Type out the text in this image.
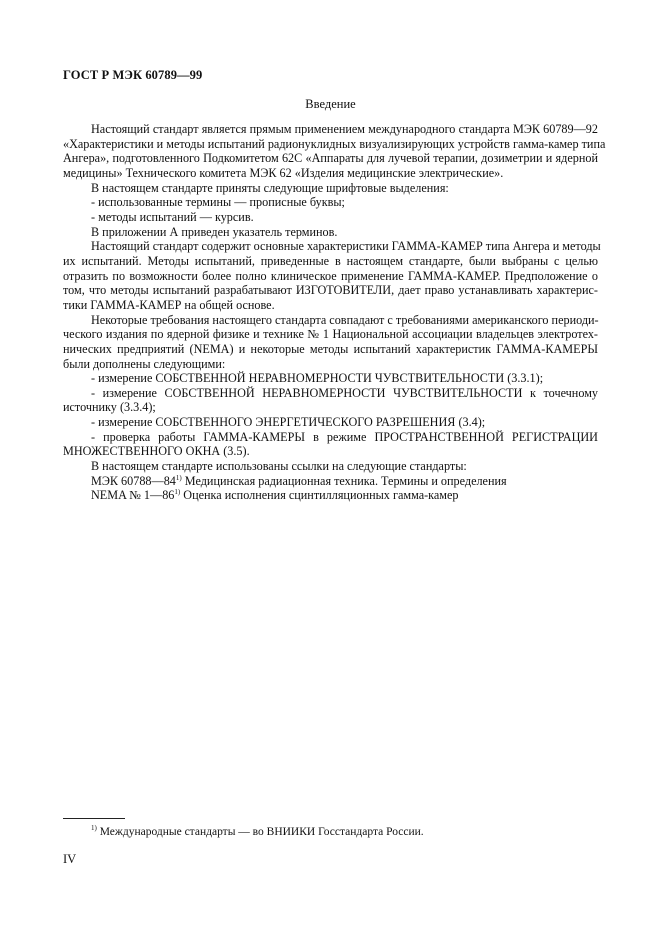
ГОСТ Р МЭК 60789—99
Введение

Настоящий стандарт является прямым применением международного стандарта МЭК 60789—92
«Характеристики и методы испытаний радионуклидных визуализирующих устройств гамма-камер типа
Ангера», подготовленного Подкомитетом 62С «Аппараты для лучевой терапии, дозиметрии и ядерной
медицины» Технического комитета МЭК 62 «Изделия медицинские электрические».

В настоящем стандарте приняты следующие шрифтовые выделения:

- использованные термины — прописные буквы;

- методы испытаний — курсив.

В приложении А приведен указатель терминов.

Настоящий стандарт содержит основные характеристики ГАММА-КАМЕР типа Ангера и методы
их испытаний. Методы испытаний, приведенные в настоящем стандарте, были выбраны с целью
отразить по возможности более полно клиническое применение ГАММА-КАМЕР. Предположение о
том, что методы испытаний разрабатывают ИЗГОТОВИТЕЛИ, дает право устанавливать характерис-
тики ГАММА-КАМЕР на общей основе.

Некоторые требования настоящего стандарта совпадают с требованиями американского периоди-
ческого издания по ядерной физике и технике № 1 Национальной ассоциации владельцев электротех-
нических предприятий (NEMA) и некоторые методы испытаний характеристик ГАММА-КАМЕРЫ
были дополнены следующими:

- измерение СОБСТВЕННОЙ НЕРАВНОМЕРНОСТИ ЧУВСТВИТЕЛЬНОСТИ (3.3.1);

- измерение СОБСТВЕННОЙ НЕРАВНОМЕРНОСТИ ЧУВСТВИТЕЛЬНОСТИ к точечному
источнику (3.3.4);

- измерение СОБСТВЕННОГО ЭНЕРГЕТИЧЕСКОГО РАЗРЕШЕНИЯ (3.4);

- проверка работы ГАММА-КАМЕРЫ в режиме ПРОСТРАНСТВЕННОЙ РЕГИСТРАЦИИ
МНОЖЕСТВЕННОГО ОКНА (3.5).

В настоящем стандарте использованы ссылки на следующие стандарты:

МЭК 60788—84$^{1)}$ Медицинская радиационная техника. Термины и определения

NEMA № 1—86$^{1)}$ Оценка исполнения сцинтилляционных гамма-камер

$^{1)}$ Международные стандарты — во ВНИИКИ Госстандарта России.
IV
